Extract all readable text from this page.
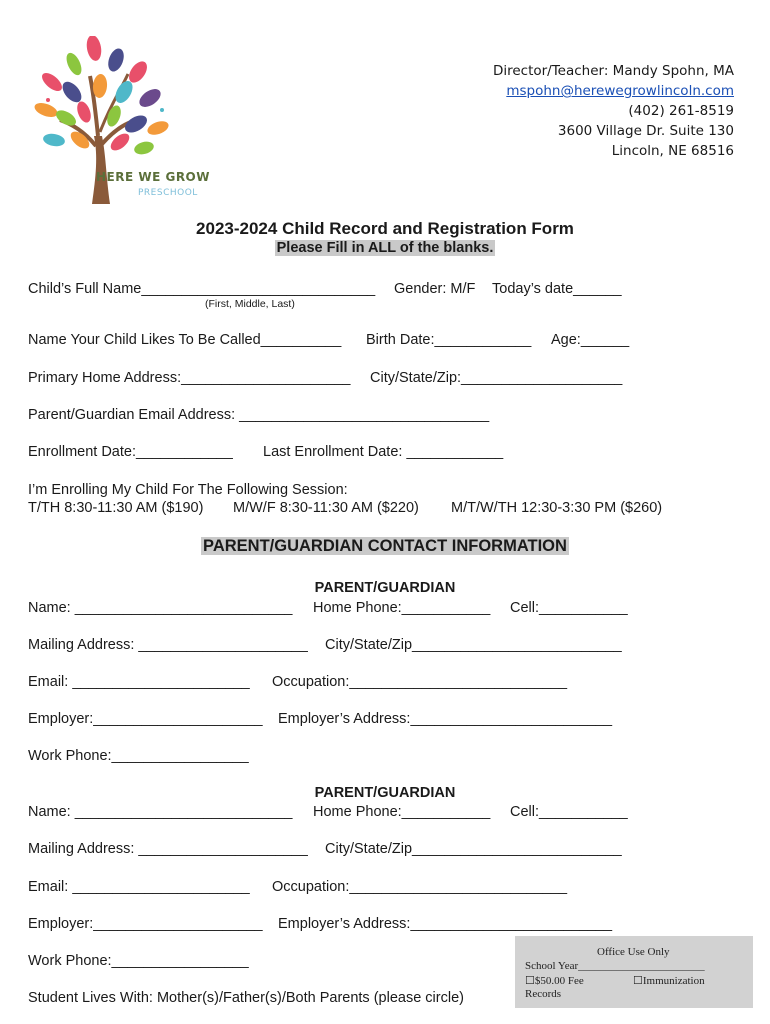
HERE WE GROW
PRESCHOOL
Director/Teacher: Mandy Spohn, MA
mspohn@herewegrowlincoln.com
(402) 261-8519
3600 Village Dr. Suite 130
Lincoln, NE 68516
2023-2024 Child Record and Registration Form
Please Fill in ALL of the blanks.
Child’s Full Name_____________________________ Gender: M/F Today’s date______
(First, Middle, Last)
Name Your Child Likes To Be Called__________ Birth Date:____________ Age:______
Primary Home Address:_____________________ City/State/Zip:____________________
Parent/Guardian Email Address: _______________________________
Enrollment Date:____________ Last Enrollment Date: ____________
I’m Enrolling My Child For The Following Session:
T/TH 8:30-11:30 AM ($190) M/W/F 8:30-11:30 AM ($220) M/T/W/TH 12:30-3:30 PM ($260)
PARENT/GUARDIAN CONTACT INFORMATION
PARENT/GUARDIAN
Name: ___________________________ Home Phone:___________ Cell:___________
Mailing Address: _____________________ City/State/Zip__________________________
Email: ______________________ Occupation:___________________________
Employer:_____________________ Employer’s Address:_________________________
Work Phone:_________________
PARENT/GUARDIAN
Name: ___________________________ Home Phone:___________ Cell:___________
Mailing Address: _____________________ City/State/Zip__________________________
Email: ______________________ Occupation:___________________________
Employer:_____________________ Employer’s Address:_________________________
Work Phone:_________________
Student Lives With: Mother(s)/Father(s)/Both Parents (please circle)
Office Use Only
School Year_______________________
☐$50.00 Fee	☐Immunization
Records
